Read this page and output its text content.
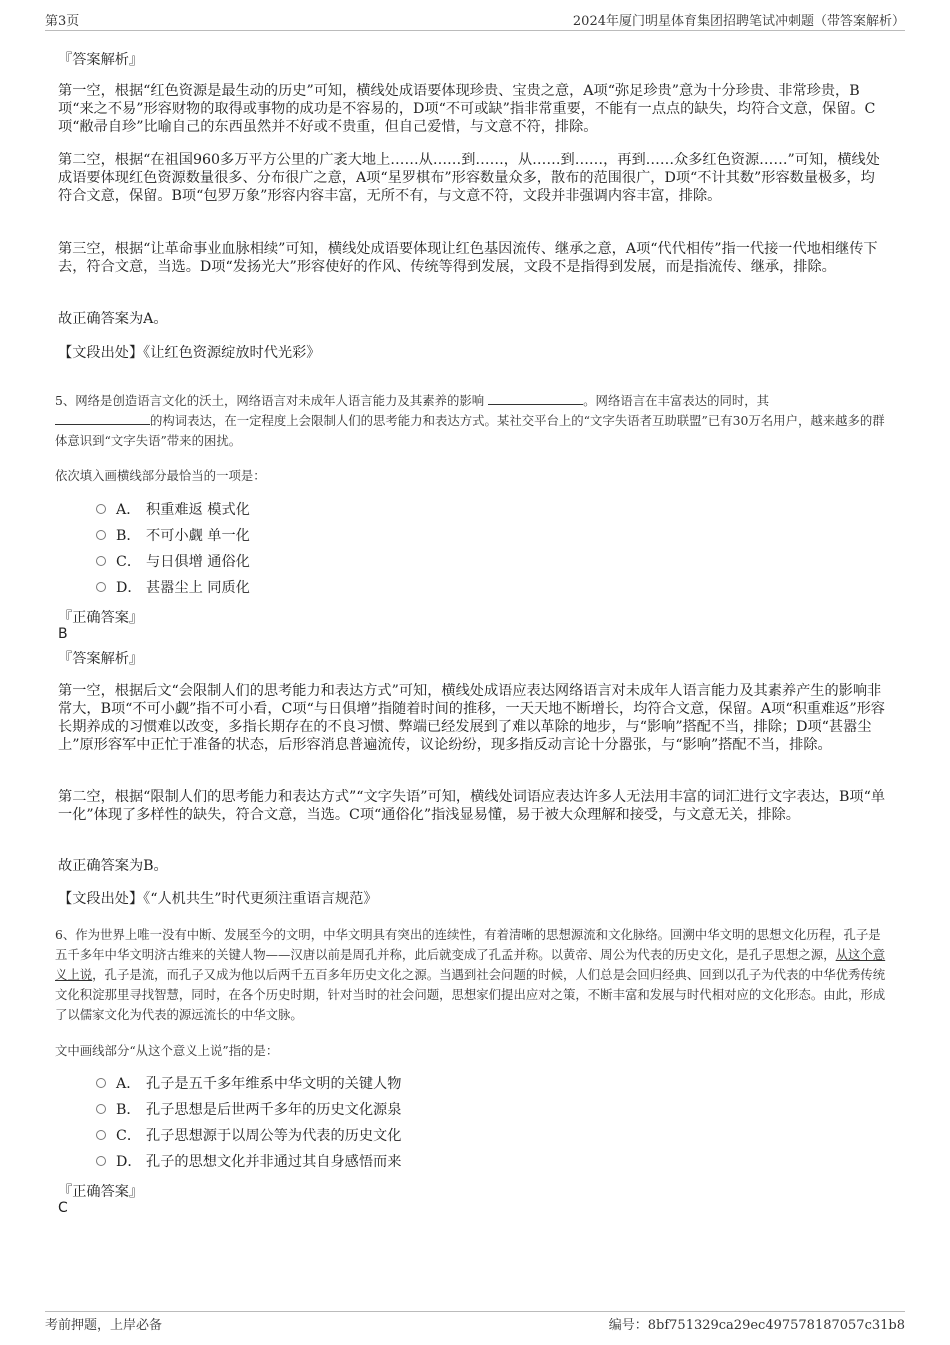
第3页	2024年厦门明星体育集团招聘笔试冲刺题（带答案解析）
『答案解析』
第一空，根据“红色资源是最生动的历史”可知，横线处成语要体现珍贵、宝贵之意，A项“弥足珍贵”意为十分珍贵、非常珍贵，B项“来之不易”形容财物的取得或事物的成功是不容易的，D项“不可或缺”指非常重要，不能有一点点的缺失，均符合文意，保留。C项“敝帚自珍”比喻自己的东西虽然并不好或不贵重，但自己爱惜，与文意不符，排除。
第二空，根据“在祖国960多万平方公里的广袤大地上……从……到……，从……到……，再到……众多红色资源……”可知，横线处成语要体现红色资源数量很多、分布很广之意，A项“星罗棋布”形容数量众多，散布的范围很广，D项“不计其数”形容数量极多，均符合文意，保留。B项“包罗万象”形容内容丰富，无所不有，与文意不符，文段并非强调内容丰富，排除。
第三空，根据“让革命事业血脉相续”可知，横线处成语要体现让红色基因流传、继承之意，A项“代代相传”指一代接一代地相继传下去，符合文意，当选。D项“发扬光大”形容使好的作风、传统等得到发展，文段不是指得到发展，而是指流传、继承，排除。
故正确答案为A。
【文段出处】《让红色资源绽放时代光彩》
5、网络是创造语言文化的沃土，网络语言对未成年人语言能力及其素养的影响	。网络语言在丰富表达的同时，其
的构词表达，在一定程度上会限制人们的思考能力和表达方式。某社交平台上的“文字失语者互助联盟”已有30万名用户，越来越多的群体意识到“文字失语”带来的困扰。
依次填入画横线部分最恰当的一项是：
A． 积重难返 模式化
B． 不可小觑 单一化
C． 与日俱增 通俗化
D． 甚嚣尘上 同质化
『正确答案』
B
『答案解析』
第一空，根据后文“会限制人们的思考能力和表达方式”可知，横线处成语应表达网络语言对未成年人语言能力及其素养产生的影响非常大，B项“不可小觑”指不可小看，C项“与日俱增”指随着时间的推移，一天天地不断增长，均符合文意，保留。A项“积重难返”形容长期养成的习惯难以改变，多指长期存在的不良习惯、弊端已经发展到了难以革除的地步，与“影响”搭配不当，排除；D项“甚嚣尘上”原形容军中正忙于准备的状态，后形容消息普遍流传，议论纷纷，现多指反动言论十分嚣张，与“影响”搭配不当，排除。
第二空，根据“限制人们的思考能力和表达方式”“文字失语”可知，横线处词语应表达许多人无法用丰富的词汇进行文字表达，B项“单一化”体现了多样性的缺失，符合文意，当选。C项“通俗化”指浅显易懂，易于被大众理解和接受，与文意无关，排除。
故正确答案为B。
【文段出处】《“人机共生”时代更须注重语言规范》
6、作为世界上唯一没有中断、发展至今的文明，中华文明具有突出的连续性，有着清晰的思想源流和文化脉络。回溯中华文明的思想文化历程，孔子是五千多年中华文明济古维来的关键人物——汉唐以前是周孔并称，此后就变成了孔孟并称。以黄帝、周公为代表的历史文化，是孔子思想之源，从这个意义上说，孔子是流，而孔子又成为他以后两千五百多年历史文化之源。当遇到社会问题的时候，人们总是会回归经典、回到以孔子为代表的中华优秀传统文化积淀那里寻找智慧，同时，在各个历史时期，针对当时的社会问题，思想家们提出应对之策，不断丰富和发展与时代相对应的文化形态。由此，形成了以儒家文化为代表的源远流长的中华文脉。
文中画线部分“从这个意义上说”指的是：
A． 孔子是五千多年维系中华文明的关键人物
B． 孔子思想是后世两千多年的历史文化源泉
C． 孔子思想源于以周公等为代表的历史文化
D． 孔子的思想文化并非通过其自身感悟而来
『正确答案』
C
考前押题，上岸必备	编号：8bf751329ca29ec497578187057c31b8
